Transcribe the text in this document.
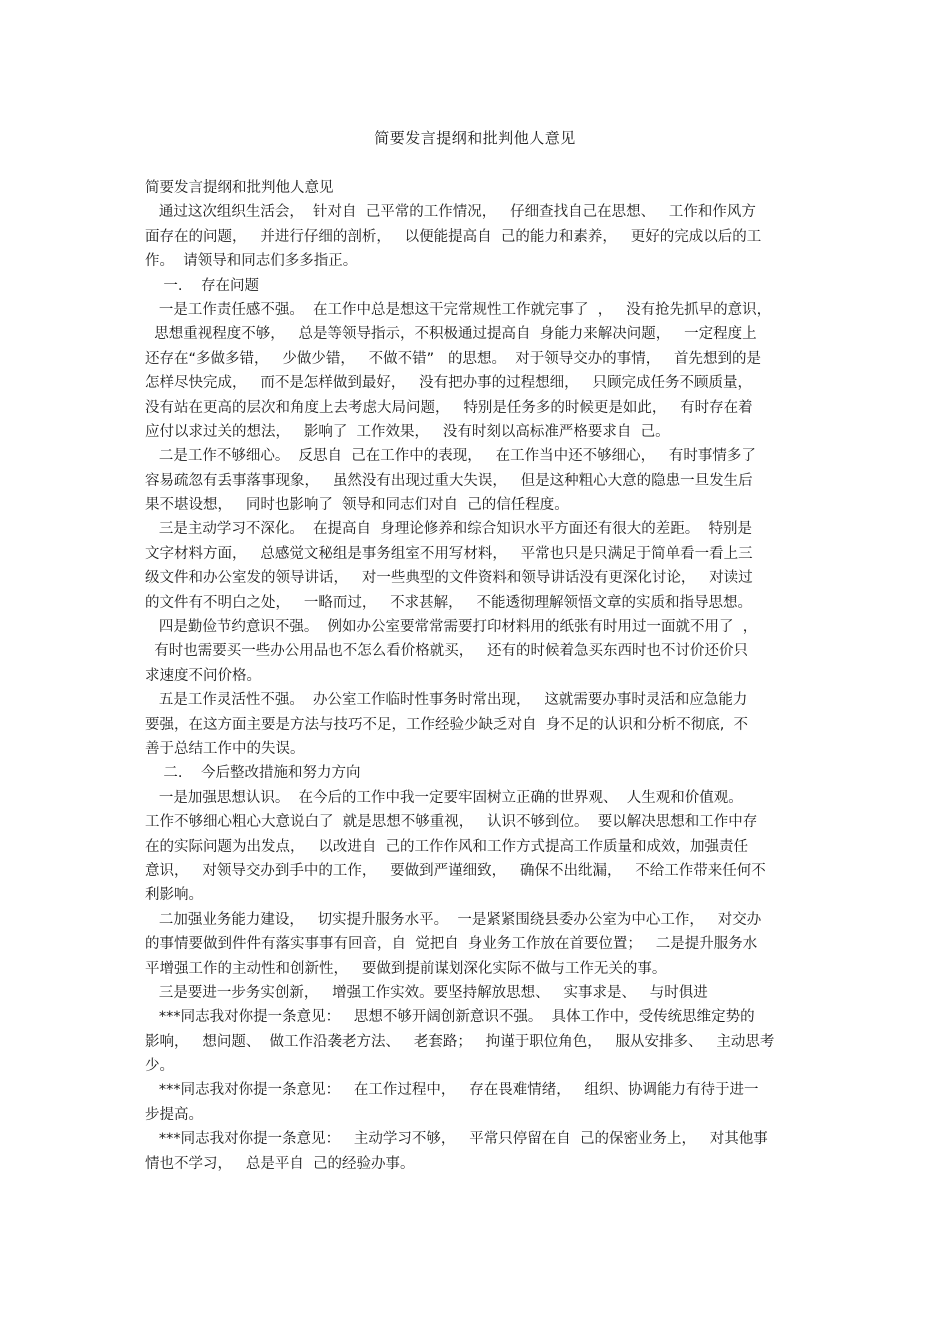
简要发言提纲和批判他人意见
简要发言提纲和批判他人意见
通过这次组织生活会，  针对自  己平常的工作情况，   仔细查找自己在思想、   工作和作风方
面存在的问题，   并进行仔细的剖析，   以便能提高自  己的能力和素养，   更好的完成以后的工
作。  请领导和同志们多多指正。
一.    存在问题
一是工作责任感不强。  在工作中总是想这干完常规性工作就完事了  ，   没有抢先抓早的意识，
思想重视程度不够，   总是等领导指示，不积极通过提高自  身能力来解决问题，   一定程度上
还存在“多做多错，   少做少错，   不做不错”   的思想。  对于领导交办的事情，   首先想到的是
怎样尽快完成，   而不是怎样做到最好，   没有把办事的过程想细，   只顾完成任务不顾质量，
没有站在更高的层次和角度上去考虑大局问题，   特别是任务多的时候更是如此，   有时存在着
应付以求过关的想法，   影响了  工作效果，   没有时刻以高标准严格要求自  己。
二是工作不够细心。  反思自  己在工作中的表现，   在工作当中还不够细心，   有时事情多了
容易疏忽有丢事落事现象，   虽然没有出现过重大失误，   但是这种粗心大意的隐患一旦发生后
果不堪设想，   同时也影响了  领导和同志们对自  己的信任程度。
三是主动学习不深化。  在提高自  身理论修养和综合知识水平方面还有很大的差距。  特别是
文字材料方面，   总感觉文秘组是事务组室不用写材料，   平常也只是只满足于简单看一看上三
级文件和办公室发的领导讲话，   对一些典型的文件资料和领导讲话没有更深化讨论，   对读过
的文件有不明白之处，   一略而过，   不求甚解，   不能透彻理解领悟文章的实质和指导思想。
四是勤俭节约意识不强。  例如办公室要常常需要打印材料用的纸张有时用过一面就不用了  ，
有时也需要买一些办公用品也不怎么看价格就买，   还有的时候着急买东西时也不讨价还价只
求速度不问价格。
五是工作灵活性不强。  办公室工作临时性事务时常出现，   这就需要办事时灵活和应急能力
要强，在这方面主要是方法与技巧不足，工作经验少缺乏对自  身不足的认识和分析不彻底,  不
善于总结工作中的失误。
二.    今后整改措施和努力方向
一是加强思想认识。  在今后的工作中我一定要牢固树立正确的世界观、  人生观和价值观。
工作不够细心粗心大意说白了  就是思想不够重视，   认识不够到位。  要以解决思想和工作中存
在的实际问题为出发点，   以改进自  己的工作作风和工作方式提高工作质量和成效，加强责任
意识，   对领导交办到手中的工作，   要做到严谨细致，   确保不出纰漏，   不给工作带来任何不
利影响。
二加强业务能力建设，   切实提升服务水平。  一是紧紧围绕县委办公室为中心工作，   对交办
的事情要做到件件有落实事事有回音，自  觉把自  身业务工作放在首要位置；   二是提升服务水
平增强工作的主动性和创新性，   要做到提前谋划深化实际不做与工作无关的事。
三是要进一步务实创新，   增强工作实效。要坚持解放思想、   实事求是、   与时俱进
***同志我对你提一条意见：   思想不够开阔创新意识不强。  具体工作中，受传统思维定势的
影响，   想问题、  做工作沿袭老方法、   老套路；   拘谨于职位角色，   服从安排多、   主动思考
少。
***同志我对你提一条意见：   在工作过程中，   存在畏难情绪，   组织、协调能力有待于进一
步提高。
***同志我对你提一条意见：   主动学习不够，   平常只停留在自  己的保密业务上，   对其他事
情也不学习，   总是平自  己的经验办事。
